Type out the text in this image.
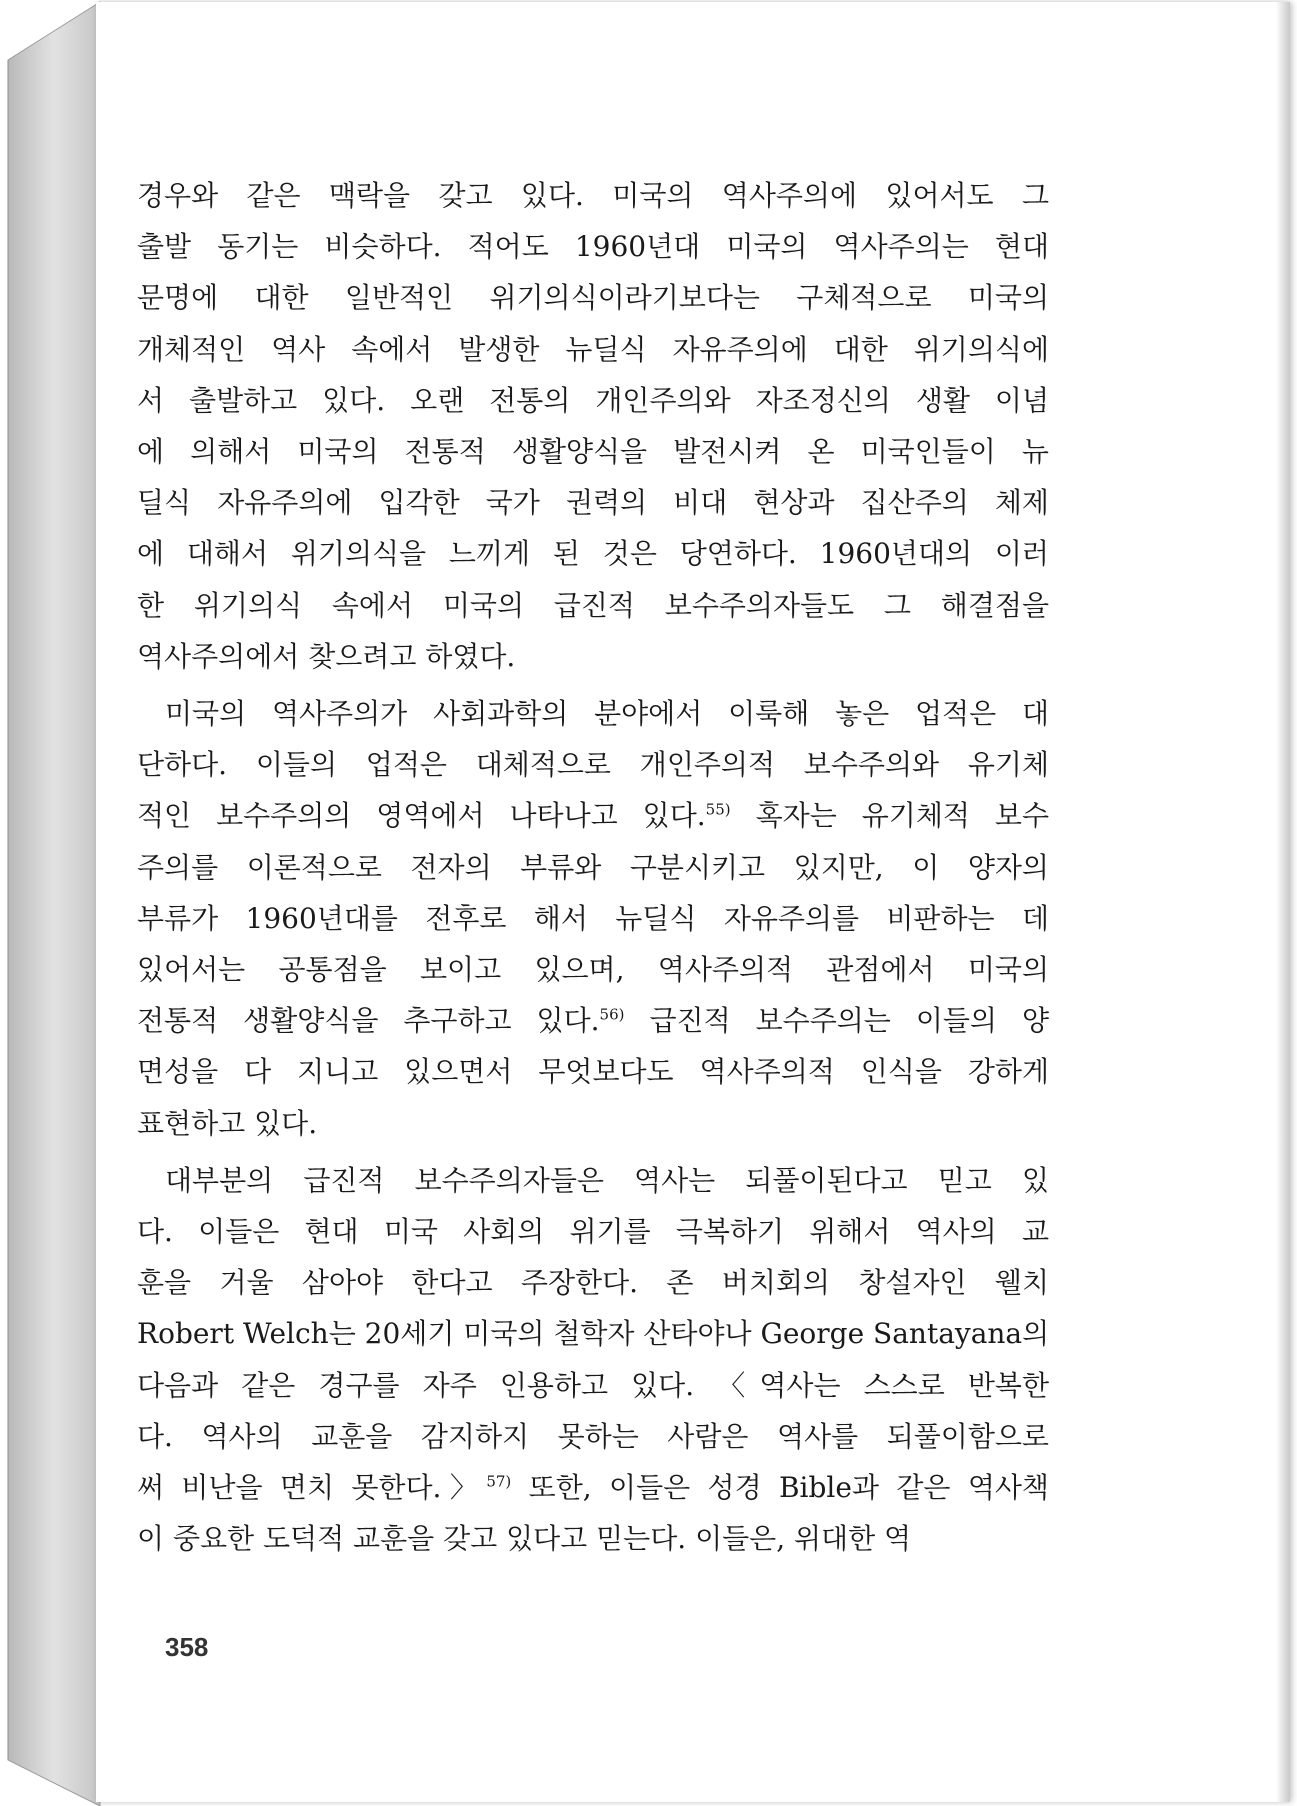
경우와 같은 맥락을 갖고 있다. 미국의 역사주의에 있어서도 그
출발 동기는 비슷하다. 적어도 1960년대 미국의 역사주의는 현대
문명에 대한 일반적인 위기의식이라기보다는 구체적으로 미국의
개체적인 역사 속에서 발생한 뉴딜식 자유주의에 대한 위기의식에
서 출발하고 있다. 오랜 전통의 개인주의와 자조정신의 생활 이념
에 의해서 미국의 전통적 생활양식을 발전시켜 온 미국인들이 뉴
딜식 자유주의에 입각한 국가 권력의 비대 현상과 집산주의 체제
에 대해서 위기의식을 느끼게 된 것은 당연하다. 1960년대의 이러
한 위기의식 속에서 미국의 급진적 보수주의자들도 그 해결점을
역사주의에서 찾으려고 하였다.
미국의 역사주의가 사회과학의 분야에서 이룩해 놓은 업적은 대
단하다. 이들의 업적은 대체적으로 개인주의적 보수주의와 유기체
적인 보수주의의 영역에서 나타나고 있다.$^{55)}$ 혹자는 유기체적 보수
주의를 이론적으로 전자의 부류와 구분시키고 있지만, 이 양자의
부류가 1960년대를 전후로 해서 뉴딜식 자유주의를 비판하는 데
있어서는 공통점을 보이고 있으며, 역사주의적 관점에서 미국의
전통적 생활양식을 추구하고 있다.$^{56)}$ 급진적 보수주의는 이들의 양
면성을 다 지니고 있으면서 무엇보다도 역사주의적 인식을 강하게
표현하고 있다.
대부분의 급진적 보수주의자들은 역사는 되풀이된다고 믿고 있
다. 이들은 현대 미국 사회의 위기를 극복하기 위해서 역사의 교
훈을 거울 삼아야 한다고 주장한다. 존 버치회의 창설자인 웰치
Robert Welch는 20세기 미국의 철학자 산타야나 George Santayana의
다음과 같은 경구를 자주 인용하고 있다. 〈역사는 스스로 반복한
다. 역사의 교훈을 감지하지 못하는 사람은 역사를 되풀이함으로
써 비난을 면치 못한다.〉$^{57)}$ 또한, 이들은 성경 Bible과 같은 역사책
이 중요한 도덕적 교훈을 갖고 있다고 믿는다. 이들은, 위대한 역
358
